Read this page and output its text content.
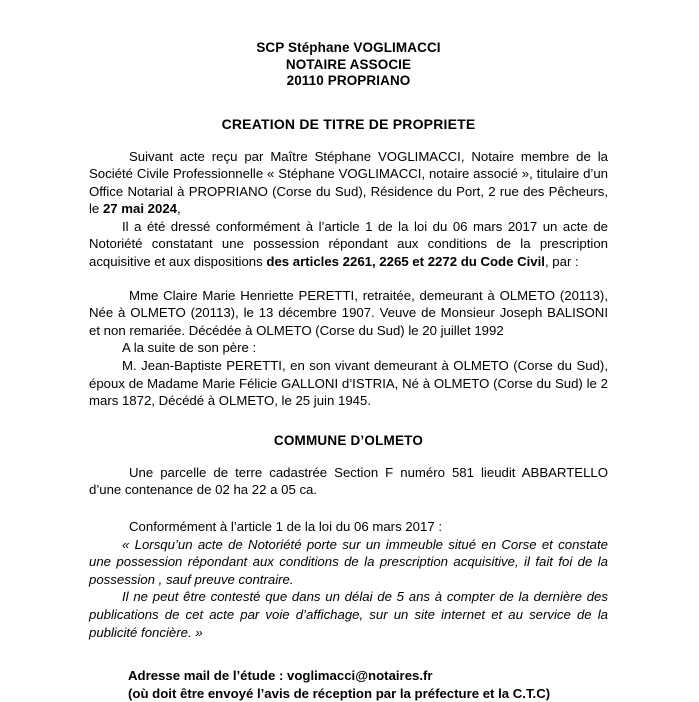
SCP Stéphane VOGLIMACCI
NOTAIRE ASSOCIE
20110 PROPRIANO
CREATION DE TITRE DE PROPRIETE

Suivant acte reçu par Maître Stéphane VOGLIMACCI, Notaire membre de la Société Civile Professionnelle « Stéphane VOGLIMACCI, notaire associé », titulaire d’un Office Notarial à PROPRIANO (Corse du Sud), Résidence du Port, 2 rue des Pêcheurs, le 27 mai 2024,

Il a été dressé conformément à l’article 1 de la loi du 06 mars 2017 un acte de Notoriété constatant une possession répondant aux conditions de la prescription acquisitive et aux dispositions des articles 2261, 2265 et 2272 du Code Civil, par :

Mme Claire Marie Henriette PERETTI, retraitée, demeurant à OLMETO (20113), Née à OLMETO (20113), le 13 décembre 1907. Veuve de Monsieur Joseph BALISONI et non remariée. Décédée à OLMETO (Corse du Sud) le 20 juillet 1992

A la suite de son père :

M. Jean-Baptiste PERETTI, en son vivant demeurant à OLMETO (Corse du Sud), époux de Madame Marie Félicie GALLONI d’ISTRIA, Né à OLMETO (Corse du Sud) le 2 mars 1872, Décédé à OLMETO, le 25 juin 1945.

COMMUNE D’OLMETO

Une parcelle de terre cadastrée Section F numéro 581 lieudit ABBARTELLO d’une contenance de 02 ha 22 a 05 ca.

Conformément à l’article 1 de la loi du 06 mars 2017 :

« Lorsqu’un acte de Notoriété porte sur un immeuble situé en Corse et constate une possession répondant aux conditions de la prescription acquisitive, il fait foi de la possession , sauf preuve contraire.

Il ne peut être contesté que dans un délai de 5 ans à compter de la dernière des publications de cet acte par voie d’affichage, sur un site internet et au service de la publicité foncière. »

Adresse mail de l’étude : voglimacci@notaires.fr
(où doit être envoyé l’avis de réception par la préfecture et la C.T.C)
